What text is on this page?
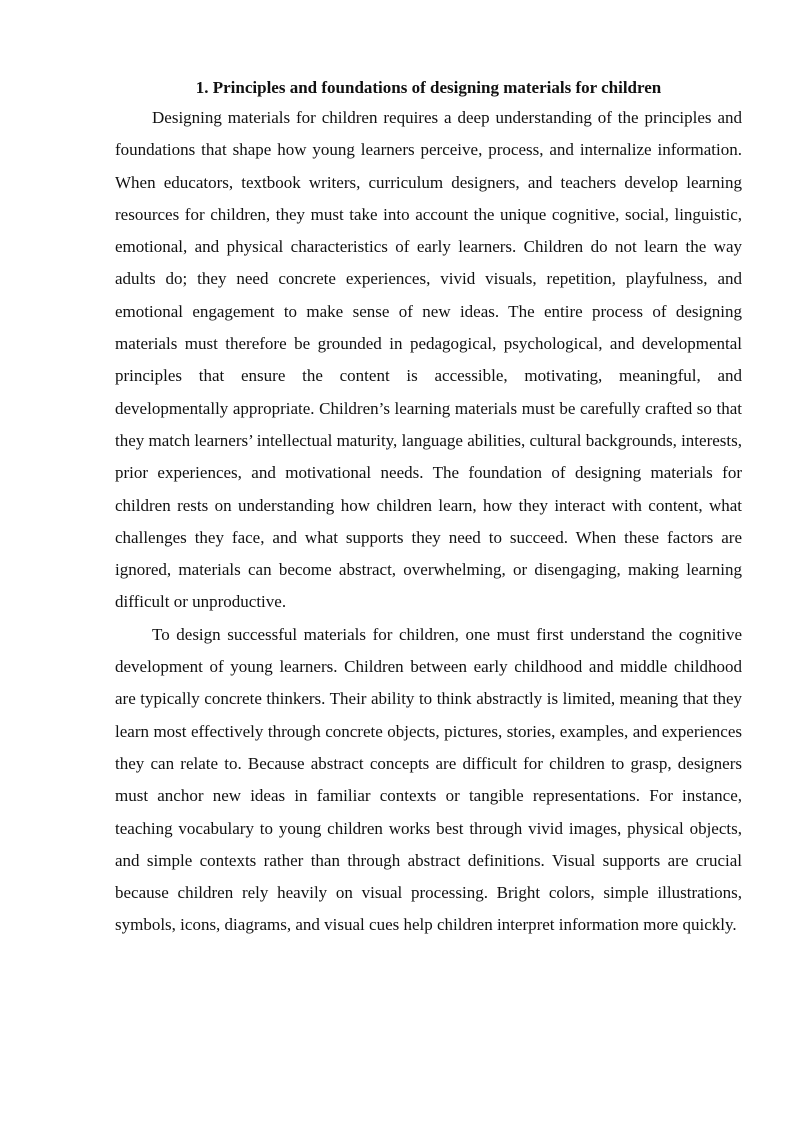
1. Principles and foundations of designing materials for children

Designing materials for children requires a deep understanding of the principles and foundations that shape how young learners perceive, process, and internalize information. When educators, textbook writers, curriculum designers, and teachers develop learning resources for children, they must take into account the unique cognitive, social, linguistic, emotional, and physical characteristics of early learners. Children do not learn the way adults do; they need concrete experiences, vivid visuals, repetition, playfulness, and emotional engagement to make sense of new ideas. The entire process of designing materials must therefore be grounded in pedagogical, psychological, and developmental principles that ensure the content is accessible, motivating, meaningful, and developmentally appropriate. Children’s learning materials must be carefully crafted so that they match learners’ intellectual maturity, language abilities, cultural backgrounds, interests, prior experiences, and motivational needs. The foundation of designing materials for children rests on understanding how children learn, how they interact with content, what challenges they face, and what supports they need to succeed. When these factors are ignored, materials can become abstract, overwhelming, or disengaging, making learning difficult or unproductive.

To design successful materials for children, one must first understand the cognitive development of young learners. Children between early childhood and middle childhood are typically concrete thinkers. Their ability to think abstractly is limited, meaning that they learn most effectively through concrete objects, pictures, stories, examples, and experiences they can relate to. Because abstract concepts are difficult for children to grasp, designers must anchor new ideas in familiar contexts or tangible representations. For instance, teaching vocabulary to young children works best through vivid images, physical objects, and simple contexts rather than through abstract definitions. Visual supports are crucial because children rely heavily on visual processing. Bright colors, simple illustrations, symbols, icons, diagrams, and visual cues help children interpret information more quickly.
